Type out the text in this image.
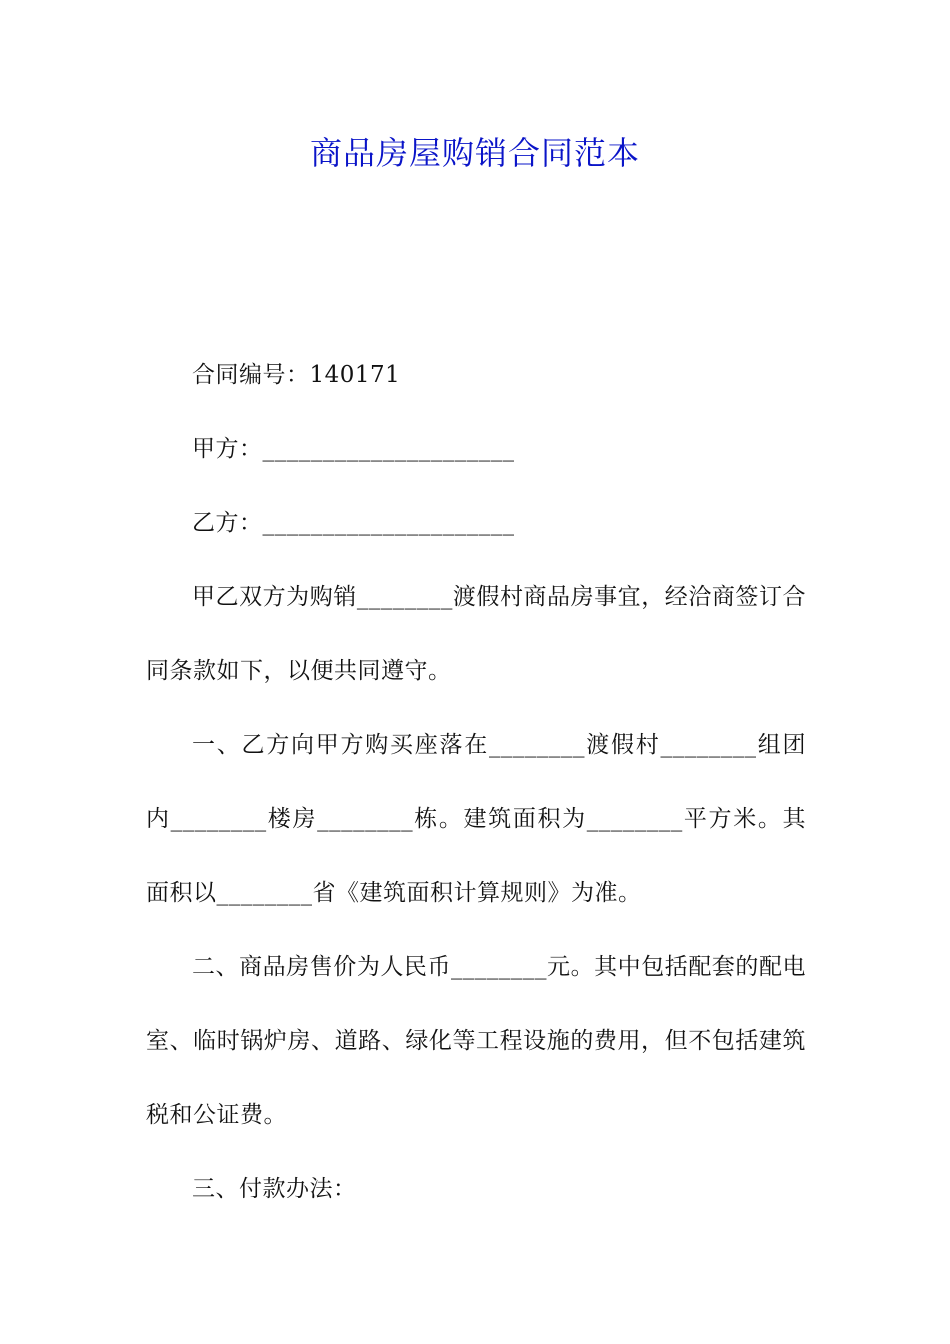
商品房屋购销合同范本

合同编号：140171

甲方：_____________________

乙方：_____________________

甲乙双方为购销________渡假村商品房事宜，经洽商签订合同条款如下，以便共同遵守。

一、乙方向甲方购买座落在________渡假村________组团内________楼房________栋。建筑面积为________平方米。其面积以________省《建筑面积计算规则》为准。

二、商品房售价为人民币________元。其中包括配套的配电室、临时锅炉房、道路、绿化等工程设施的费用，但不包括建筑税和公证费。

三、付款办法：
